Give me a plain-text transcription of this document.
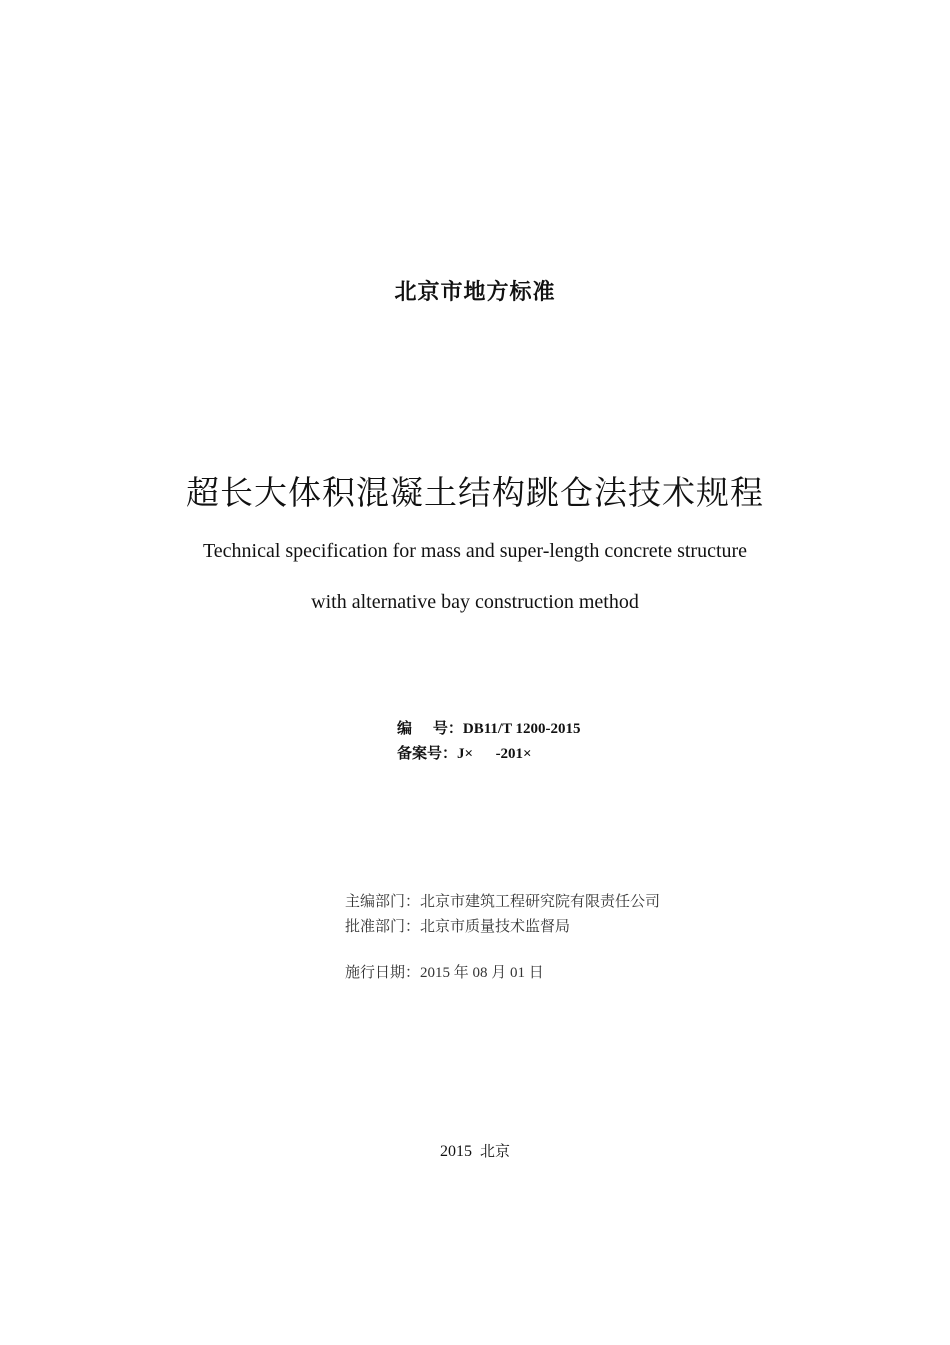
北京市地方标准
超长大体积混凝土结构跳仓法技术规程
Technical specification for mass and super-length concrete structure
with alternative bay construction method
编    号：DB11/T 1200-2015
备案号：J×      -201×
主编部门：北京市建筑工程研究院有限责任公司
批准部门：北京市质量技术监督局
施行日期：2015 年 08 月 01 日
2015 北京
